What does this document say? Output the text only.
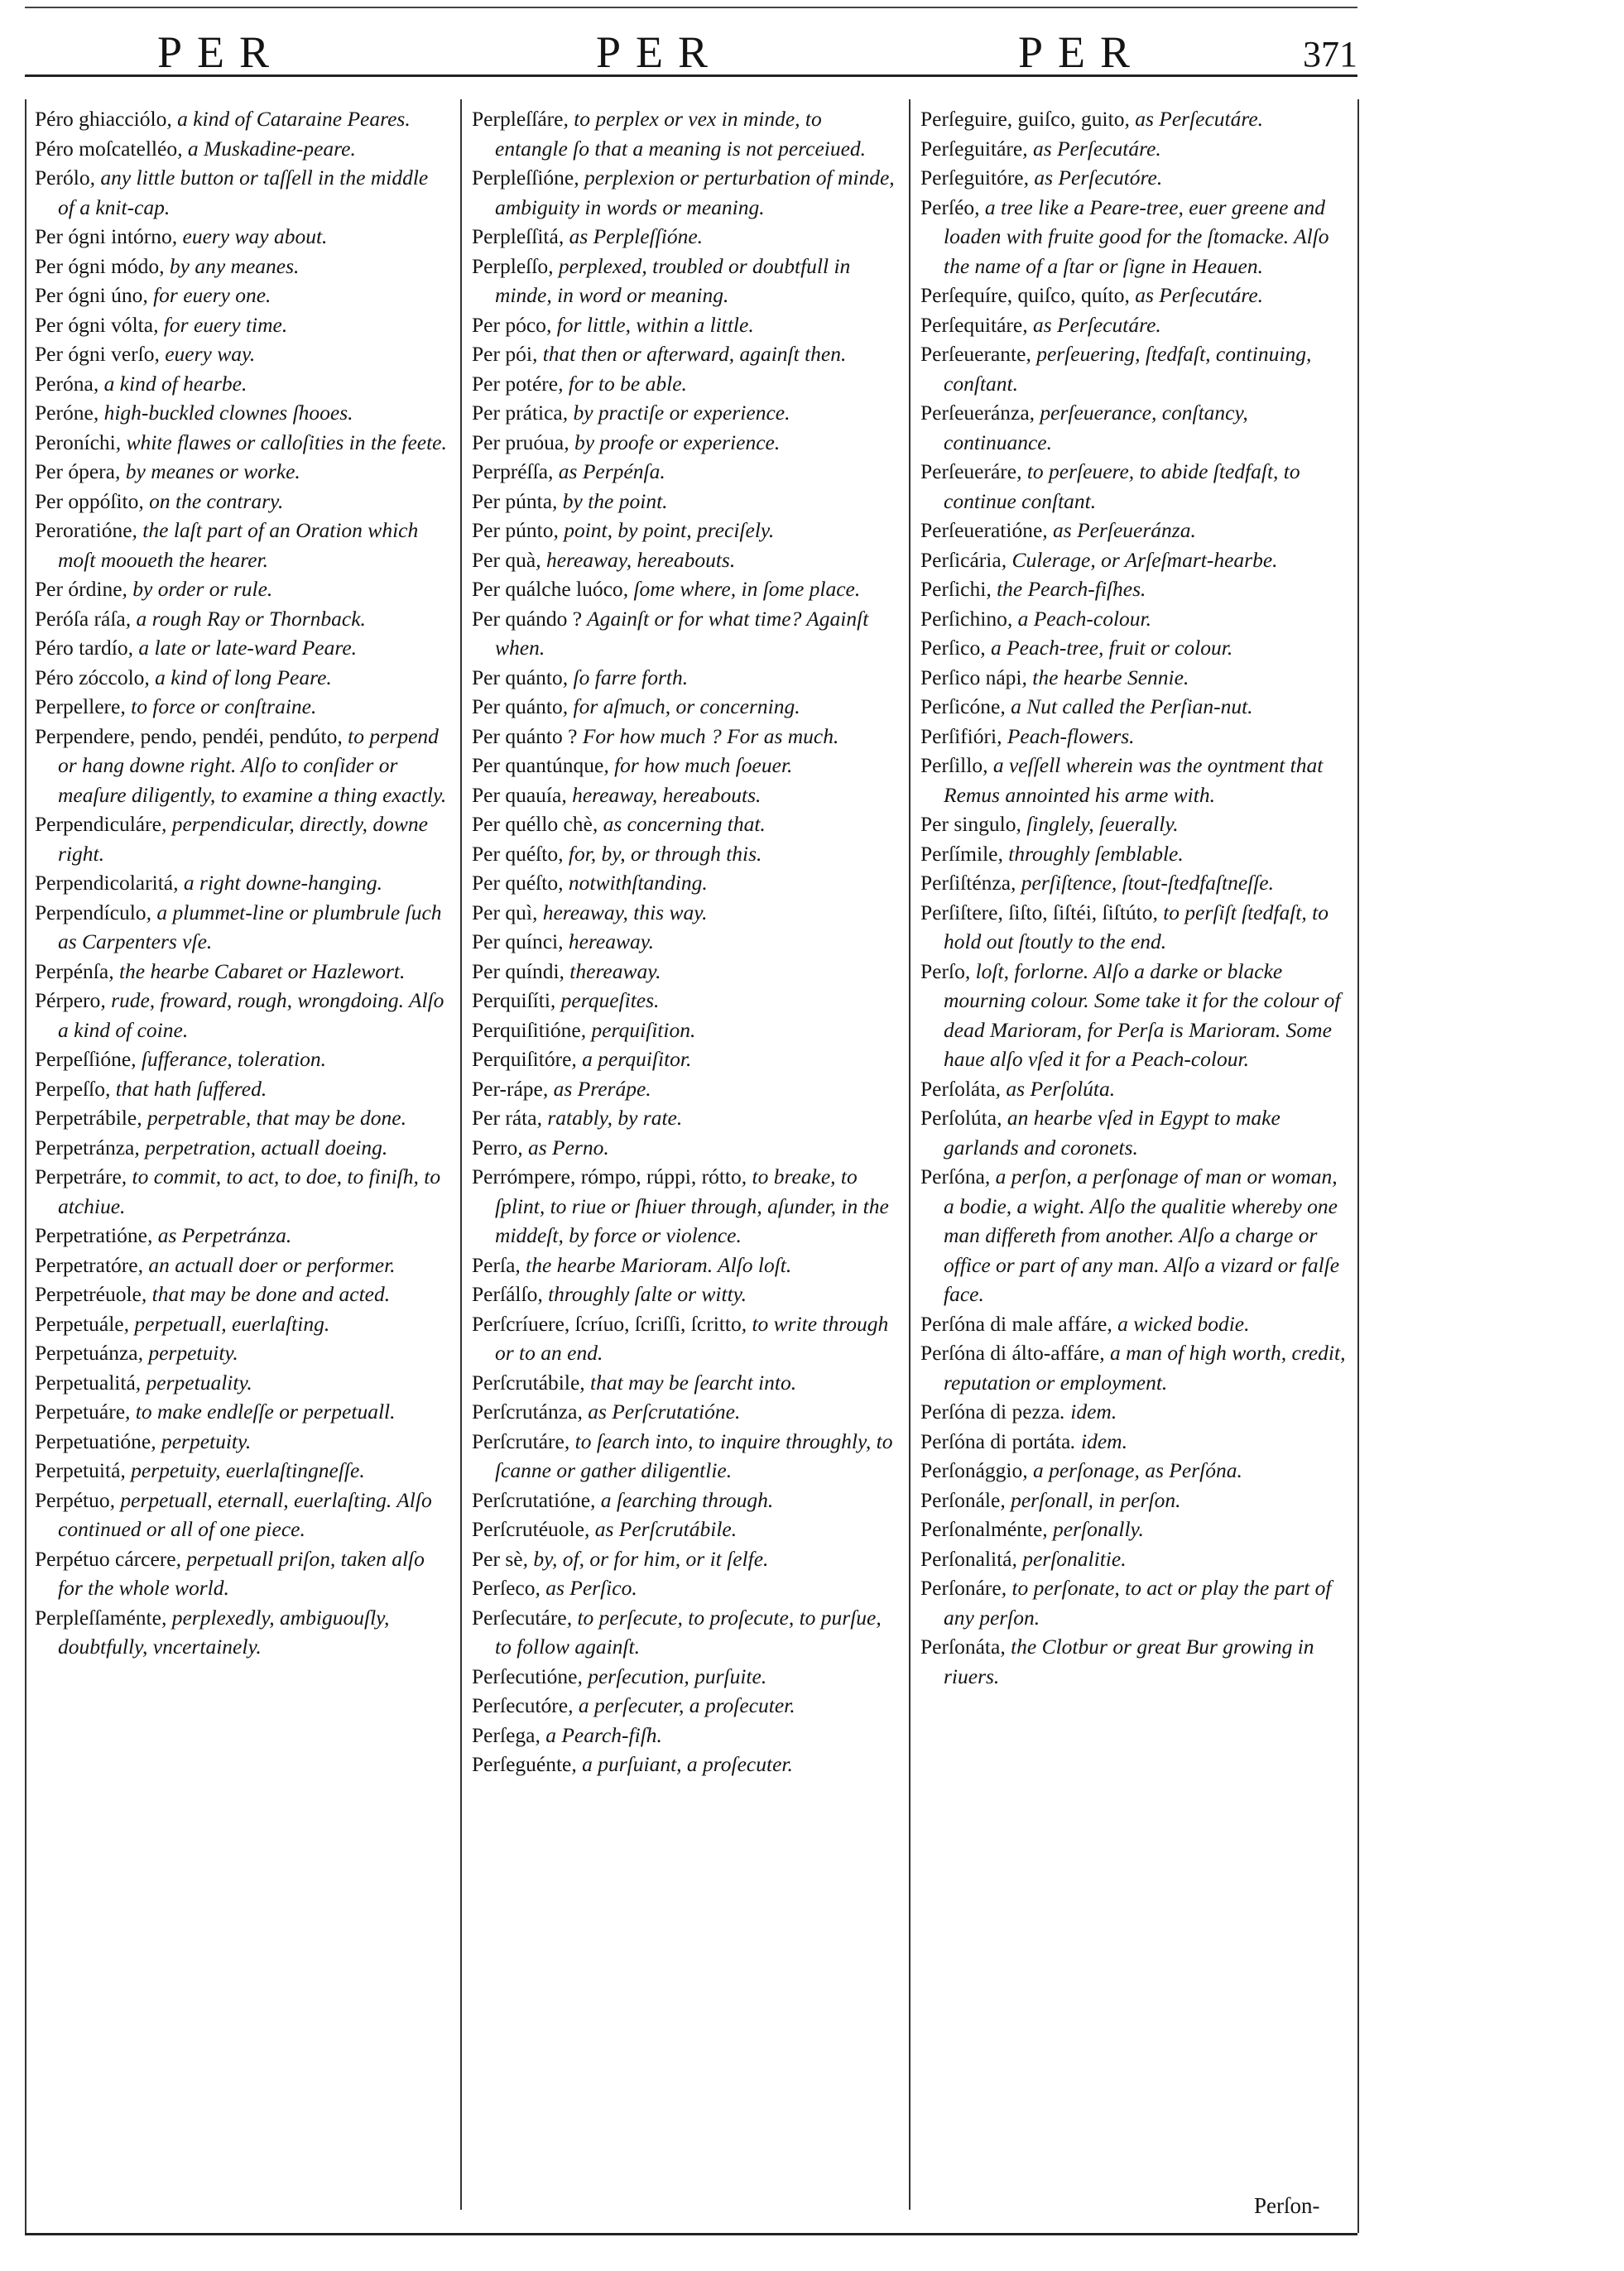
PER	PER	PER	371

Péro ghiacciólo, a kind of Cataraine Peares.

Péro moſcatelléo, a Muskadine-peare.

Perólo, any little button or taſſell in the middle of a knit-cap.

Per ógni intórno, euery way about.

Per ógni módo, by any meanes.

Per ógni úno, for euery one.

Per ógni vólta, for euery time.

Per ógni verſo, euery way.

Peróna, a kind of hearbe.

Peróne, high-buckled clownes ſhooes.

Peroníchi, white flawes or calloſities in the feete.

Per ópera, by meanes or worke.

Per oppóſito, on the contrary.

Peroratióne, the laſt part of an Oration which moſt mooueth the hearer.

Per órdine, by order or rule.

Peróſa ráſa, a rough Ray or Thornback.

Péro tardío, a late or late-ward Peare.

Péro zóccolo, a kind of long Peare.

Perpellere, to force or conſtraine.

Perpendere, pendo, pendéi, pendúto, to perpend or hang downe right. Alſo to conſider or meaſure diligently, to examine a thing exactly.

Perpendiculáre, perpendicular, directly, downe right.

Perpendicolaritá, a right downe-hanging.

Perpendículo, a plummet-line or plumbrule ſuch as Carpenters vſe.

Perpénſa, the hearbe Cabaret or Hazlewort.

Pérpero, rude, froward, rough, wrongdoing. Alſo a kind of coine.

Perpeſſióne, ſufferance, toleration.

Perpeſſo, that hath ſuffered.

Perpetrábile, perpetrable, that may be done.

Perpetránza, perpetration, actuall doeing.

Perpetráre, to commit, to act, to doe, to finiſh, to atchiue.

Perpetratióne, as Perpetránza.

Perpetratóre, an actuall doer or performer.

Perpetréuole, that may be done and acted.

Perpetuále, perpetuall, euerlaſting.

Perpetuánza, perpetuity.

Perpetualitá, perpetuality.

Perpetuáre, to make endleſſe or perpetuall.

Perpetuatióne, perpetuity.

Perpetuitá, perpetuity, euerlaſtingneſſe.

Perpétuo, perpetuall, eternall, euerlaſting. Alſo continued or all of one piece.

Perpétuo cárcere, perpetuall priſon, taken alſo for the whole world.

Perpleſſaménte, perplexedly, ambiguouſly, doubtfully, vncertainely.

Perpleſſáre, to perplex or vex in minde, to entangle ſo that a meaning is not perceiued.

Perpleſſióne, perplexion or perturbation of minde, ambiguity in words or meaning.

Perpleſſitá, as Perpleſſióne.

Perpleſſo, perplexed, troubled or doubtfull in minde, in word or meaning.

Per póco, for little, within a little.

Per pói, that then or afterward, againſt then.

Per potére, for to be able.

Per prática, by practiſe or experience.

Per pruóua, by proofe or experience.

Perpréſſa, as Perpénſa.

Per púnta, by the point.

Per púnto, point, by point, preciſely.

Per quà, hereaway, hereabouts.

Per quálche luóco, ſome where, in ſome place.

Per quándo ? Againſt or for what time? Againſt when.

Per quánto, ſo farre forth.

Per quánto, for aſmuch, or concerning.

Per quánto ? For how much ? For as much.

Per quantúnque, for how much ſoeuer.

Per quauía, hereaway, hereabouts.

Per quéllo chè, as concerning that.

Per quéſto, for, by, or through this.

Per quéſto, notwithſtanding.

Per quì, hereaway, this way.

Per quínci, hereaway.

Per quíndi, thereaway.

Perquiſíti, perqueſites.

Perquiſitióne, perquiſition.

Perquiſitóre, a perquiſitor.

Per-rápe, as Prerápe.

Per ráta, ratably, by rate.

Perro, as Perno.

Perrómpere, rómpo, rúppi, rótto, to breake, to ſplint, to riue or ſhiuer through, aſunder, in the middeſt, by force or violence.

Perſa, the hearbe Marioram. Alſo loſt.

Perſálſo, throughly ſalte or witty.

Perſcríuere, ſcríuo, ſcriſſi, ſcritto, to write through or to an end.

Perſcrutábile, that may be ſearcht into.

Perſcrutánza, as Perſcrutatióne.

Perſcrutáre, to ſearch into, to inquire throughly, to ſcanne or gather diligentlie.

Perſcrutatióne, a ſearching through.

Perſcrutéuole, as Perſcrutábile.

Per sè, by, of, or for him, or it ſelfe.

Perſeco, as Perſico.

Perſecutáre, to perſecute, to proſecute, to purſue, to follow againſt.

Perſecutióne, perſecution, purſuite.

Perſecutóre, a perſecuter, a proſecuter.

Perſega, a Pearch-fiſh.

Perſeguénte, a purſuiant, a proſecuter.

Perſeguire, guiſco, guito, as Perſecutáre.

Perſeguitáre, as Perſecutáre.

Perſeguitóre, as Perſecutóre.

Perſéo, a tree like a Peare-tree, euer greene and loaden with fruite good for the ſtomacke. Alſo the name of a ſtar or ſigne in Heauen.

Perſequíre, quiſco, quíto, as Perſecutáre.

Perſequitáre, as Perſecutáre.

Perſeuerante, perſeuering, ſtedfaſt, continuing, conſtant.

Perſeueránza, perſeuerance, conſtancy, continuance.

Perſeueráre, to perſeuere, to abide ſtedfaſt, to continue conſtant.

Perſeueratióne, as Perſeueránza.

Perſicária, Culerage, or Arſeſmart-hearbe.

Perſichi, the Pearch-fiſhes.

Perſichino, a Peach-colour.

Perſico, a Peach-tree, fruit or colour.

Perſico nápi, the hearbe Sennie.

Perſicóne, a Nut called the Perſian-nut.

Perſifióri, Peach-flowers.

Perſillo, a veſſell wherein was the oyntment that Remus annointed his arme with.

Per singulo, ſinglely, ſeuerally.

Perſímile, throughly ſemblable.

Perſiſténza, perſiſtence, ſtout-ſtedfaſtneſſe.

Perſiſtere, ſiſto, ſiſtéi, ſiſtúto, to perſiſt ſtedfaſt, to hold out ſtoutly to the end.

Perſo, loſt, forlorne. Alſo a darke or blacke mourning colour. Some take it for the colour of dead Marioram, for Perſa is Marioram. Some haue alſo vſed it for a Peach-colour.

Perſoláta, as Perſolúta.

Perſolúta, an hearbe vſed in Egypt to make garlands and coronets.

Perſóna, a perſon, a perſonage of man or woman, a bodie, a wight. Alſo the qualitie whereby one man differeth from another. Alſo a charge or office or part of any man. Alſo a vizard or falſe face.

Perſóna di male affáre, a wicked bodie.

Perſóna di álto-affáre, a man of high worth, credit, reputation or employment.

Perſóna di pezza. idem.

Perſóna di portáta. idem.

Perſonággio, a perſonage, as Perſóna.

Perſonále, perſonall, in perſon.

Perſonalménte, perſonally.

Perſonalitá, perſonalitie.

Perſonáre, to perſonate, to act or play the part of any perſon.

Perſonáta, the Clotbur or great Bur growing in riuers.

Perſon-
